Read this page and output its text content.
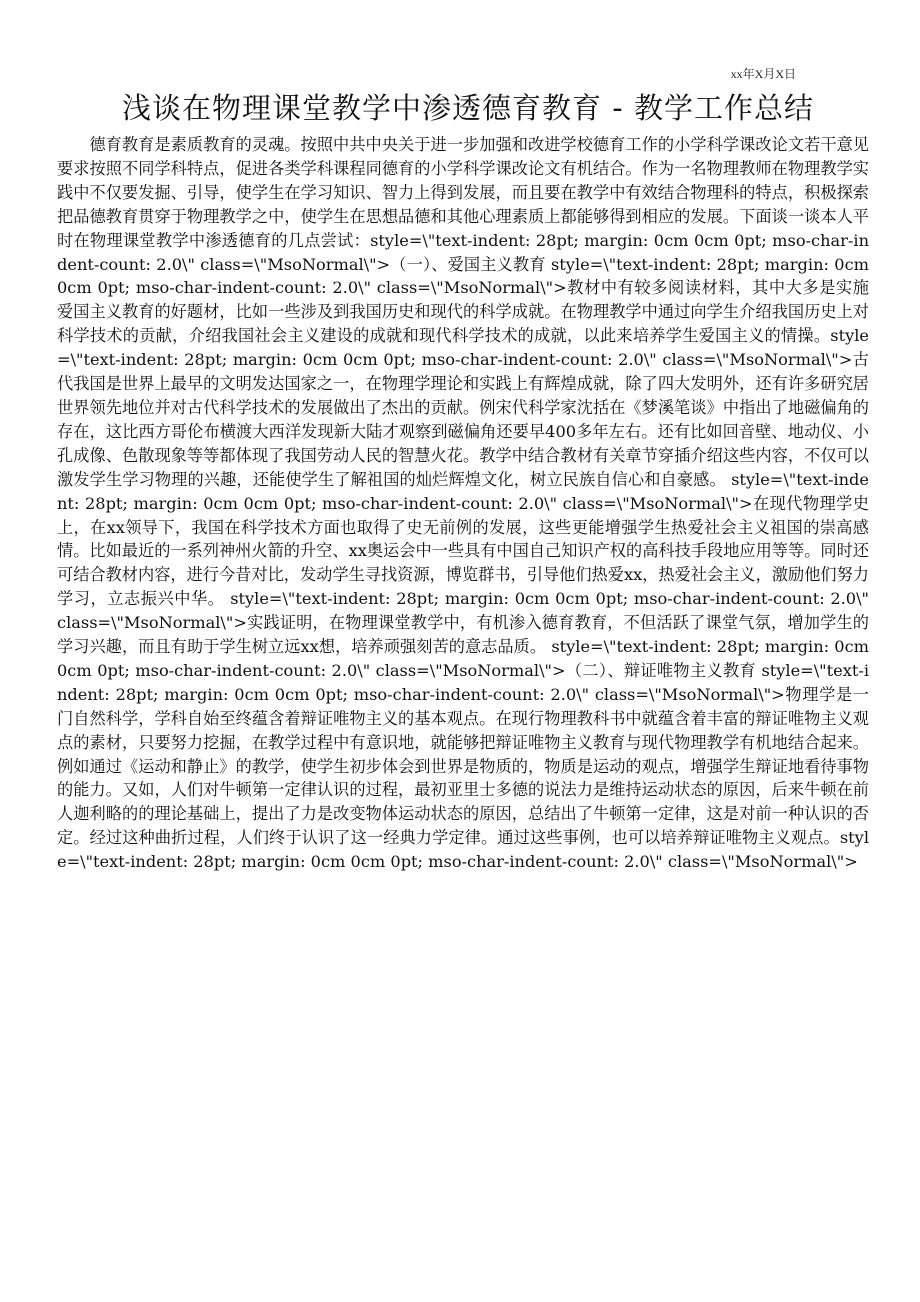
xx年X月X日
浅谈在物理课堂教学中渗透德育教育 - 教学工作总结

德育教育是素质教育的灵魂。按照中共中央关于进一步加强和改进学校德育工作的小学科学课改论文若干意见要求按照不同学科特点，促进各类学科课程同德育的小学科学课改论文有机结合。作为一名物理教师在物理教学实践中不仅要发掘、引导，使学生在学习知识、智力上得到发展，而且要在教学中有效结合物理科的特点，积极探索把品德教育贯穿于物理教学之中，使学生在思想品德和其他心理素质上都能够得到相应的发展。下面谈一谈本人平时在物理课堂教学中渗透德育的几点尝试：style=\"text-indent: 28pt; margin: 0cm 0cm 0pt; mso-char-indent-count: 2.0\" class=\"MsoNormal\">（一）、爱国主义教育 style=\"text-indent: 28pt; margin: 0cm 0cm 0pt; mso-char-indent-count: 2.0\" class=\"MsoNormal\">教材中有较多阅读材料，其中大多是实施爱国主义教育的好题材，比如一些涉及到我国历史和现代的科学成就。在物理教学中通过向学生介绍我国历史上对科学技术的贡献，介绍我国社会主义建设的成就和现代科学技术的成就，以此来培养学生爱国主义的情操。style=\"text-indent: 28pt; margin: 0cm 0cm 0pt; mso-char-indent-count: 2.0\" class=\"MsoNormal\">古代我国是世界上最早的文明发达国家之一，在物理学理论和实践上有辉煌成就，除了四大发明外，还有许多研究居世界领先地位并对古代科学技术的发展做出了杰出的贡献。例宋代科学家沈括在《梦溪笔谈》中指出了地磁偏角的存在，这比西方哥伦布横渡大西洋发现新大陆才观察到磁偏角还要早400多年左右。还有比如回音壁、地动仪、小孔成像、色散现象等等都体现了我国劳动人民的智慧火花。教学中结合教材有关章节穿插介绍这些内容，不仅可以激发学生学习物理的兴趣，还能使学生了解祖国的灿烂辉煌文化，树立民族自信心和自豪感。 style=\"text-indent: 28pt; margin: 0cm 0cm 0pt; mso-char-indent-count: 2.0\" class=\"MsoNormal\">在现代物理学史上，在xx领导下，我国在科学技术方面也取得了史无前例的发展，这些更能增强学生热爱社会主义祖国的崇高感情。比如最近的一系列神州火箭的升空、xx奥运会中一些具有中国自己知识产权的高科技手段地应用等等。同时还可结合教材内容，进行今昔对比，发动学生寻找资源，博览群书，引导他们热爱xx，热爱社会主义，激励他们努力学习，立志振兴中华。 style=\"text-indent: 28pt; margin: 0cm 0cm 0pt; mso-char-indent-count: 2.0\" class=\"MsoNormal\">实践证明，在物理课堂教学中，有机渗入德育教育，不但活跃了课堂气氛，增加学生的学习兴趣，而且有助于学生树立远xx想，培养顽强刻苦的意志品质。 style=\"text-indent: 28pt; margin: 0cm 0cm 0pt; mso-char-indent-count: 2.0\" class=\"MsoNormal\">（二）、辩证唯物主义教育 style=\"text-indent: 28pt; margin: 0cm 0cm 0pt; mso-char-indent-count: 2.0\" class=\"MsoNormal\">物理学是一门自然科学，学科自始至终蕴含着辩证唯物主义的基本观点。在现行物理教科书中就蕴含着丰富的辩证唯物主义观点的素材，只要努力挖掘，在教学过程中有意识地，就能够把辩证唯物主义教育与现代物理教学有机地结合起来。例如通过《运动和静止》的教学，使学生初步体会到世界是物质的，物质是运动的观点，增强学生辩证地看待事物的能力。又如，人们对牛顿第一定律认识的过程，最初亚里士多德的说法力是维持运动状态的原因，后来牛顿在前人迦利略的的理论基础上，提出了力是改变物体运动状态的原因，总结出了牛顿第一定律，这是对前一种认识的否定。经过这种曲折过程，人们终于认识了这一经典力学定律。通过这些事例，也可以培养辩证唯物主义观点。style=\"text-indent: 28pt; margin: 0cm 0cm 0pt; mso-char-indent-count: 2.0\" class=\"MsoNormal\">
